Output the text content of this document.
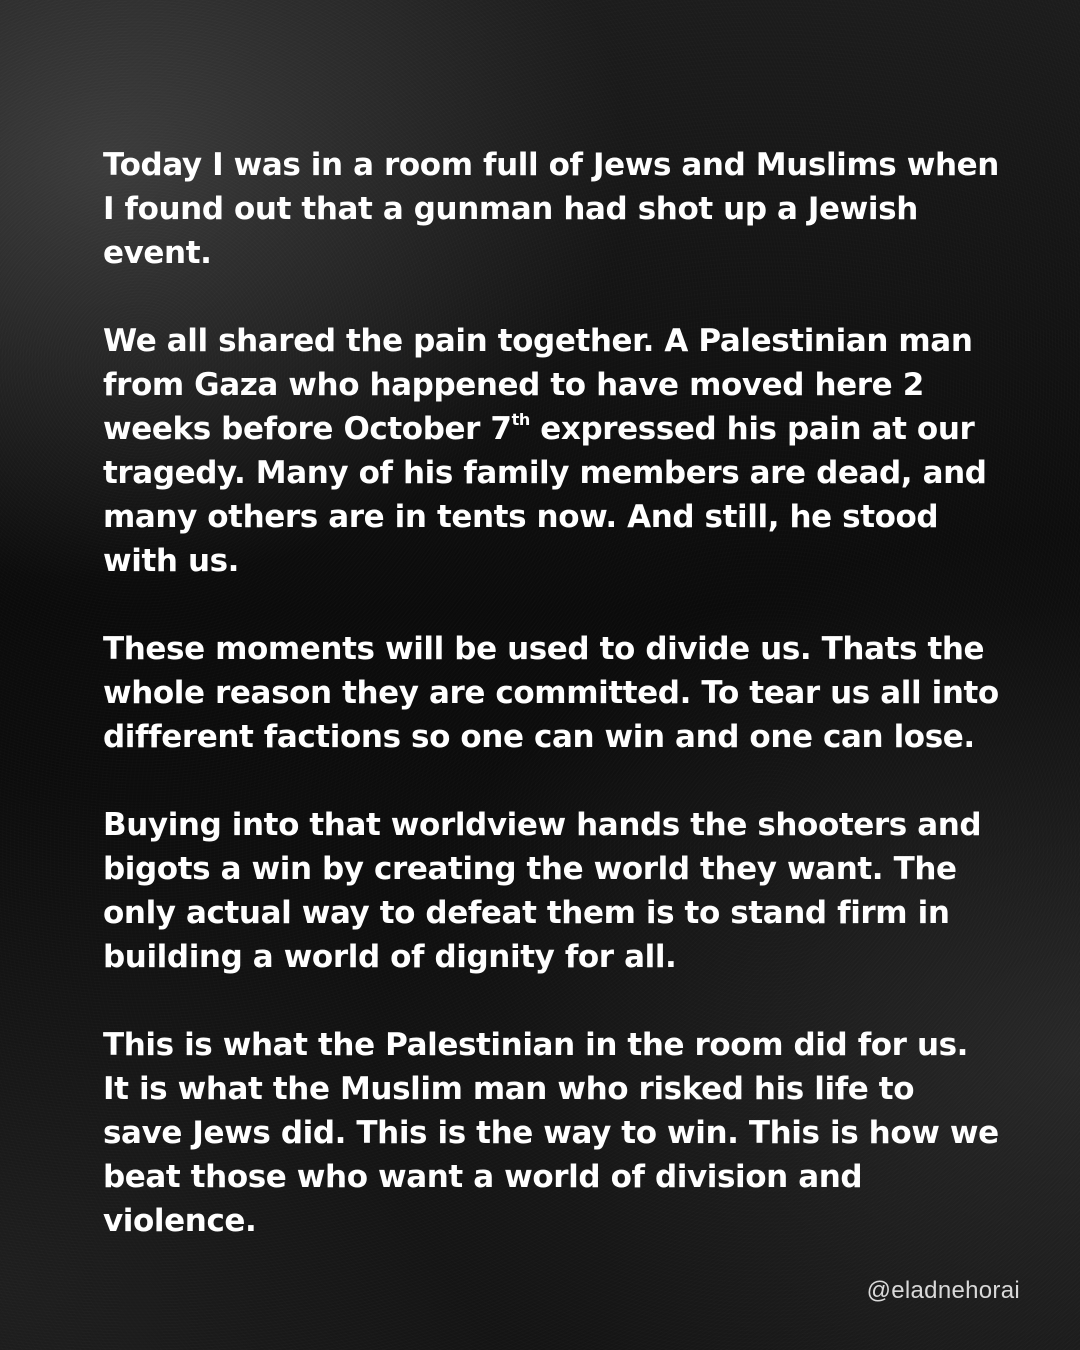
Today I was in a room full of Jews and Muslims when I found out that a gunman had shot up a Jewish event.

We all shared the pain together. A Palestinian man from Gaza who happened to have moved here 2 weeks before October 7th expressed his pain at our tragedy. Many of his family members are dead, and many others are in tents now. And still, he stood with us.

These moments will be used to divide us. Thats the whole reason they are committed. To tear us all into different factions so one can win and one can lose.

Buying into that worldview hands the shooters and bigots a win by creating the world they want. The only actual way to defeat them is to stand firm in building a world of dignity for all.

This is what the Palestinian in the room did for us. It is what the Muslim man who risked his life to save Jews did. This is the way to win. This is how we beat those who want a world of division and violence.

@eladnehorai
